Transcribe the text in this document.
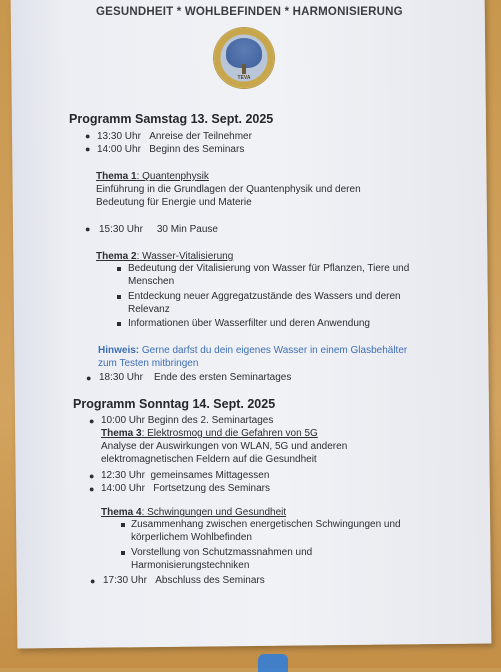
GESUNDHEIT * WOHLBEFINDEN * HARMONISIERUNG
TEVA
Programm Samstag 13. Sept. 2025
● 13:30 Uhr Anreise der Teilnehmer
● 14:00 Uhr Beginn des Seminars
Thema 1: Quantenphysik
Einführung in die Grundlagen der Quantenphysik und deren
Bedeutung für Energie und Materie
● 15:30 Uhr 30 Min Pause
Thema 2: Wasser-Vitalisierung
Bedeutung der Vitalisierung von Wasser für Pflanzen, Tiere und
Menschen
Entdeckung neuer Aggregatzustände des Wassers und deren
Relevanz
Informationen über Wasserfilter und deren Anwendung
Hinweis: Gerne darfst du dein eigenes Wasser in einem Glasbehälter
zum Testen mitbringen
● 18:30 Uhr Ende des ersten Seminartages
Programm Sonntag 14. Sept. 2025
● 10:00 Uhr Beginn des 2. Seminartages
Thema 3: Elektrosmog und die Gefahren von 5G
Analyse der Auswirkungen von WLAN, 5G und anderen
elektromagnetischen Feldern auf die Gesundheit
● 12:30 Uhr gemeinsames Mittagessen
● 14:00 Uhr Fortsetzung des Seminars
Thema 4: Schwingungen und Gesundheit
Zusammenhang zwischen energetischen Schwingungen und
körperlichem Wohlbefinden
Vorstellung von Schutzmassnahmen und
Harmonisierungstechniken
● 17:30 Uhr Abschluss des Seminars
